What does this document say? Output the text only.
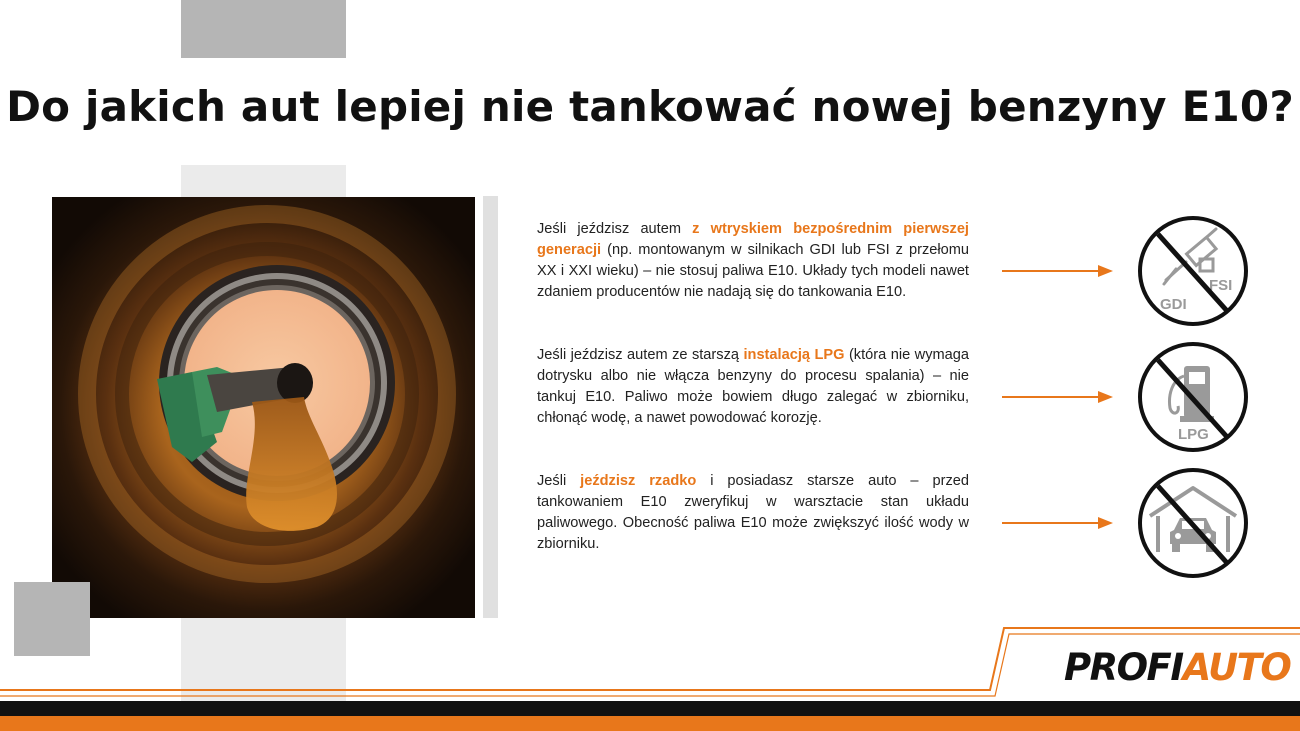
Do jakich aut lepiej nie tankować nowej benzyny E10?

Jeśli jeździsz autem z wtryskiem bezpośrednim pierwszej generacji (np. montowanym w silnikach GDI lub FSI z przełomu XX i XXI wieku) – nie stosuj paliwa E10. Układy tych modeli nawet zdaniem producentów nie nadają się do tankowania E10.

Jeśli jeździsz autem ze starszą instalacją LPG (która nie wymaga dotrysku albo nie włącza benzyny do procesu spalania) – nie tankuj E10. Paliwo może bowiem długo zalegać w zbiorniku, chłonąć wodę, a nawet powodować korozję.

Jeśli jeździsz rzadko i posiadasz starsze auto – przed tankowaniem E10 zweryfikuj w warsztacie stan układu paliwowego. Obecność paliwa E10 może zwiększyć ilość wody w zbiorniku.

GDI
FSI
LPG
PROFIAUTO
